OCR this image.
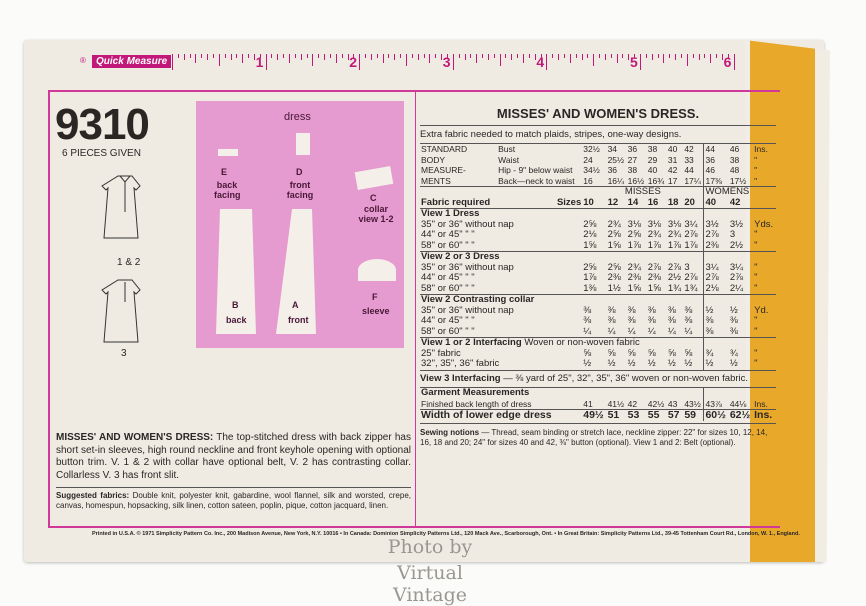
®	Quick Measure	1	2	3	4	5	6
9310
6 PIECES GIVEN
1 & 2
3
dress
E
back facing
D
front facing	C
collar view 1-2
B
back
A
front
F
sleeve
MISSES' AND WOMEN'S DRESS: The top-stitched dress with back zipper has short set-in sleeves, high round neckline and front keyhole opening with optional button trim. V. 1 & 2 with collar have optional belt, V. 2 has contrasting collar. Collarless V. 3 has front slit.
Suggested fabrics: Double knit, polyester knit, gabardine, wool flannel, silk and worsted, crepe, canvas, homespun, hopsacking, silk linen, cotton sateen, poplin, pique, cotton jacquard, linen.
MISSES' AND WOMEN'S DRESS.
Extra fabric needed to match plaids, stripes, one-way designs.
STANDARD	Bust	32½	34	36	38	40	42	44	46	Ins.
BODY	Waist	24	25½	27	29	31	33	36	38	"
MEASURE-	Hip - 9" below waist	34½	36	38	40	42	44	46	48	"
MENTS	Back—neck to waist	16	16¼	16½	16¾	17	17¼	17⅜	17½	"
		MISSES						WOMENS		
Fabric required	Sizes	10	12	14	16	18	20	40	42	
View 1 Dress										
35" or 36" without nap		2⅝	2¾	3⅛	3⅛	3⅛	3¼	3½	3½	Yds.
44" or 45" " "		2⅛	2⅝	2⅝	2¾	2¾	2⅞	2⅞	3	"
58" or 60" " "		1⅝	1⅝	1⅞	1⅞	1⅞	1⅞	2⅜	2½	"
View 2 or 3 Dress										
35" or 36" without nap		2⅝	2⅝	2¾	2⅞	2⅞	3	3¼	3¼	"
44" or 45" " "		1⅞	2⅜	2⅜	2⅜	2½	2⅞	2⅞	2⅞	"
58" or 60" " "		1⅜	1½	1⅝	1⅝	1¾	1¾	2⅛	2¼	"
View 2 Contrasting collar										
35" or 36" without nap		⅜	⅜	⅜	⅜	⅜	⅜	½	½	Yd.
44" or 45" " "		⅜	⅜	⅜	⅜	⅜	⅜	⅜	⅜	"
58" or 60" " "		¼	¼	¼	¼	¼	¼	⅜	⅜	"
View 1 or 2 Interfacing Woven or non-woven fabric										
25" fabric		⅝	⅝	⅝	⅝	⅝	⅝	¾	¾	"
32", 35", 36" fabric		½	½	½	½	½	½	½	½	"
View 3 Interfacing — ⅜ yard of 25", 32", 35", 36" woven or non-woven fabric.										
Garment Measurements										
Finished back length of dress		41	41½	42	42½	43	43½	43⅞	44⅛	Ins.
Width of lower edge dress		49½	51	53	55	57	59	60½	62½	Ins.
Sewing notions — Thread, seam binding or stretch lace, neckline zipper: 22" for sizes 10, 12, 14, 16, 18 and 20; 24" for sizes 40 and 42, ⅜" button (optional). View 1 and 2: Belt (optional).
Printed in U.S.A. © 1971 Simplicity Pattern Co. Inc., 200 Madison Avenue, New York, N.Y. 10016 • In Canada: Dominion Simplicity Patterns Ltd., 120 Mack Ave., Scarborough, Ont. • In Great Britain: Simplicity Patterns Ltd., 39-45 Tottenham Court Rd., London, W. 1., England.
Photo by
Virtual Vintage
